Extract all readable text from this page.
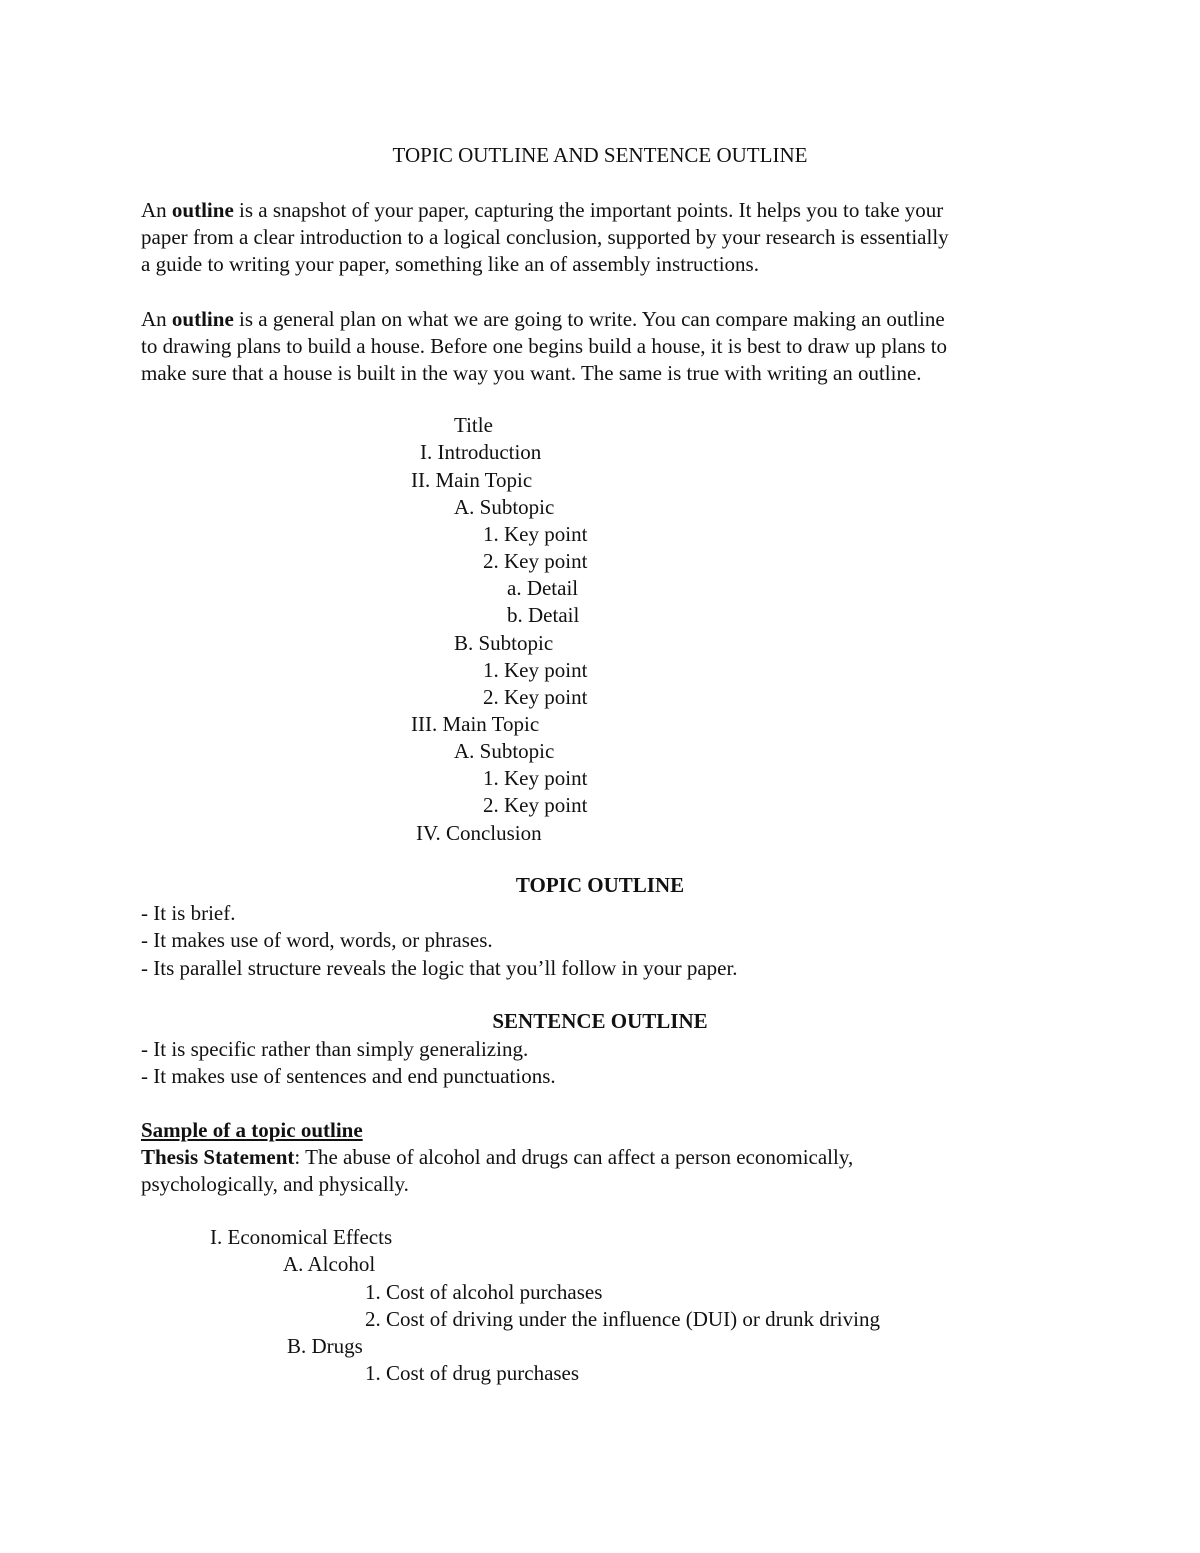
TOPIC OUTLINE AND SENTENCE OUTLINE
An outline is a snapshot of your paper, capturing the important points. It helps you to take your
paper from a clear introduction to a logical conclusion, supported by your research is essentially
a guide to writing your paper, something like an of assembly instructions.
An outline is a general plan on what we are going to write. You can compare making an outline
to drawing plans to build a house. Before one begins build a house, it is best to draw up plans to
make sure that a house is built in the way you want. The same is true with writing an outline.
Title
I. Introduction
II. Main Topic
A. Subtopic
1. Key point
2. Key point
a. Detail
b. Detail
B. Subtopic
1. Key point
2. Key point
III. Main Topic
A. Subtopic
1. Key point
2. Key point
IV. Conclusion
TOPIC OUTLINE
- It is brief.
- It makes use of word, words, or phrases.
- Its parallel structure reveals the logic that you’ll follow in your paper.
SENTENCE OUTLINE
- It is specific rather than simply generalizing.
- It makes use of sentences and end punctuations.
Sample of a topic outline
Thesis Statement: The abuse of alcohol and drugs can affect a person economically,
psychologically, and physically.
I. Economical Effects
A. Alcohol
1. Cost of alcohol purchases
2. Cost of driving under the influence (DUI) or drunk driving
B. Drugs
1. Cost of drug purchases
